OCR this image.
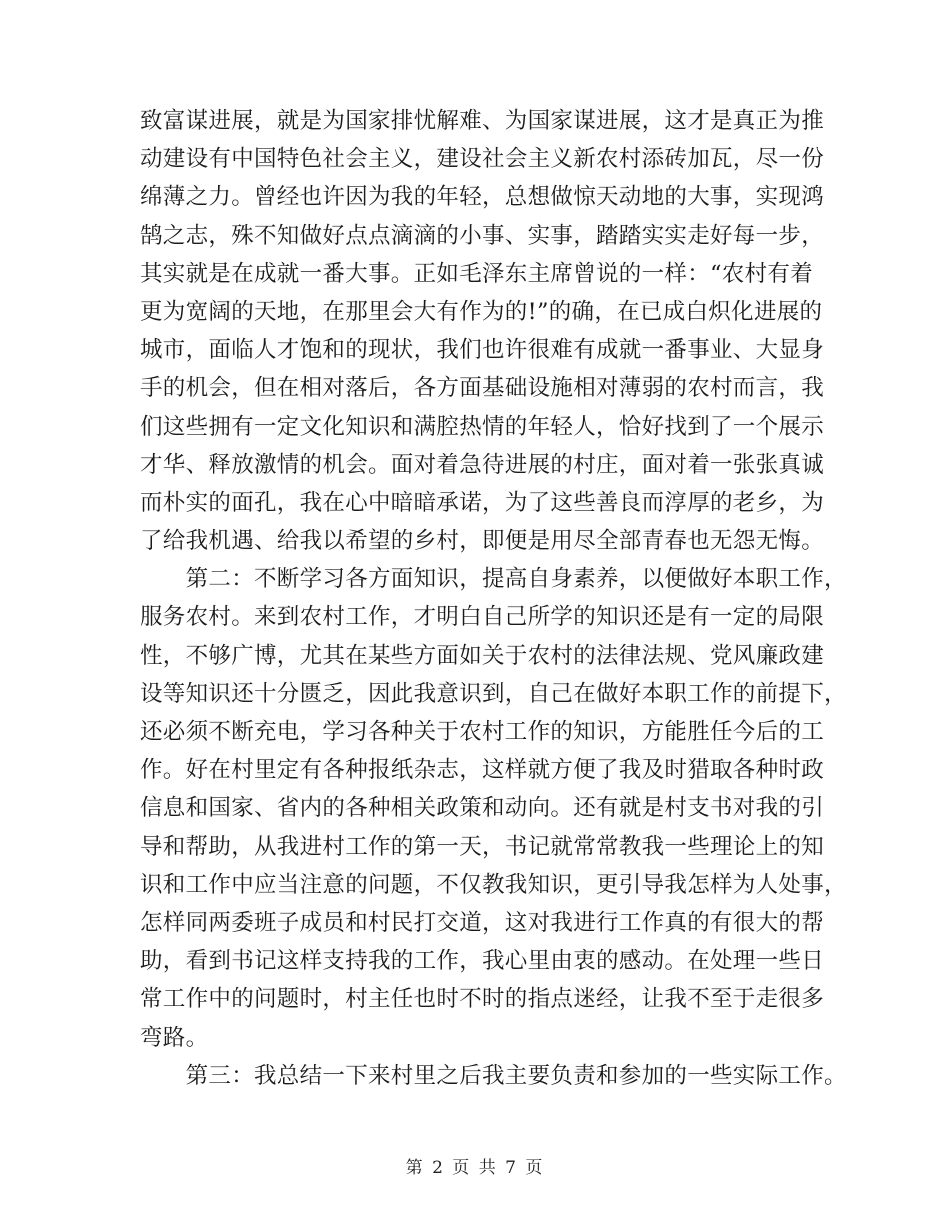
致富谋进展，就是为国家排忧解难、为国家谋进展，这才是真正为推
动建设有中国特色社会主义，建设社会主义新农村添砖加瓦，尽一份
绵薄之力。曾经也许因为我的年轻，总想做惊天动地的大事，实现鸿
鹄之志，殊不知做好点点滴滴的小事、实事，踏踏实实走好每一步，
其实就是在成就一番大事。正如毛泽东主席曾说的一样：“农村有着
更为宽阔的天地，在那里会大有作为的!”的确，在已成白炽化进展的
城市，面临人才饱和的现状，我们也许很难有成就一番事业、大显身
手的机会，但在相对落后，各方面基础设施相对薄弱的农村而言，我
们这些拥有一定文化知识和满腔热情的年轻人，恰好找到了一个展示
才华、释放激情的机会。面对着急待进展的村庄，面对着一张张真诚
而朴实的面孔，我在心中暗暗承诺，为了这些善良而淳厚的老乡，为
了给我机遇、给我以希望的乡村，即便是用尽全部青春也无怨无悔。
　　第二：不断学习各方面知识，提高自身素养，以便做好本职工作，
服务农村。来到农村工作，才明白自己所学的知识还是有一定的局限
性，不够广博，尤其在某些方面如关于农村的法律法规、党风廉政建
设等知识还十分匮乏，因此我意识到，自己在做好本职工作的前提下，
还必须不断充电，学习各种关于农村工作的知识，方能胜任今后的工
作。好在村里定有各种报纸杂志，这样就方便了我及时猎取各种时政
信息和国家、省内的各种相关政策和动向。还有就是村支书对我的引
导和帮助，从我进村工作的第一天，书记就常常教我一些理论上的知
识和工作中应当注意的问题，不仅教我知识，更引导我怎样为人处事，
怎样同两委班子成员和村民打交道，这对我进行工作真的有很大的帮
助，看到书记这样支持我的工作，我心里由衷的感动。在处理一些日
常工作中的问题时，村主任也时不时的指点迷经，让我不至于走很多
弯路。
　　第三：我总结一下来村里之后我主要负责和参加的一些实际工作。
第 2 页 共 7 页
